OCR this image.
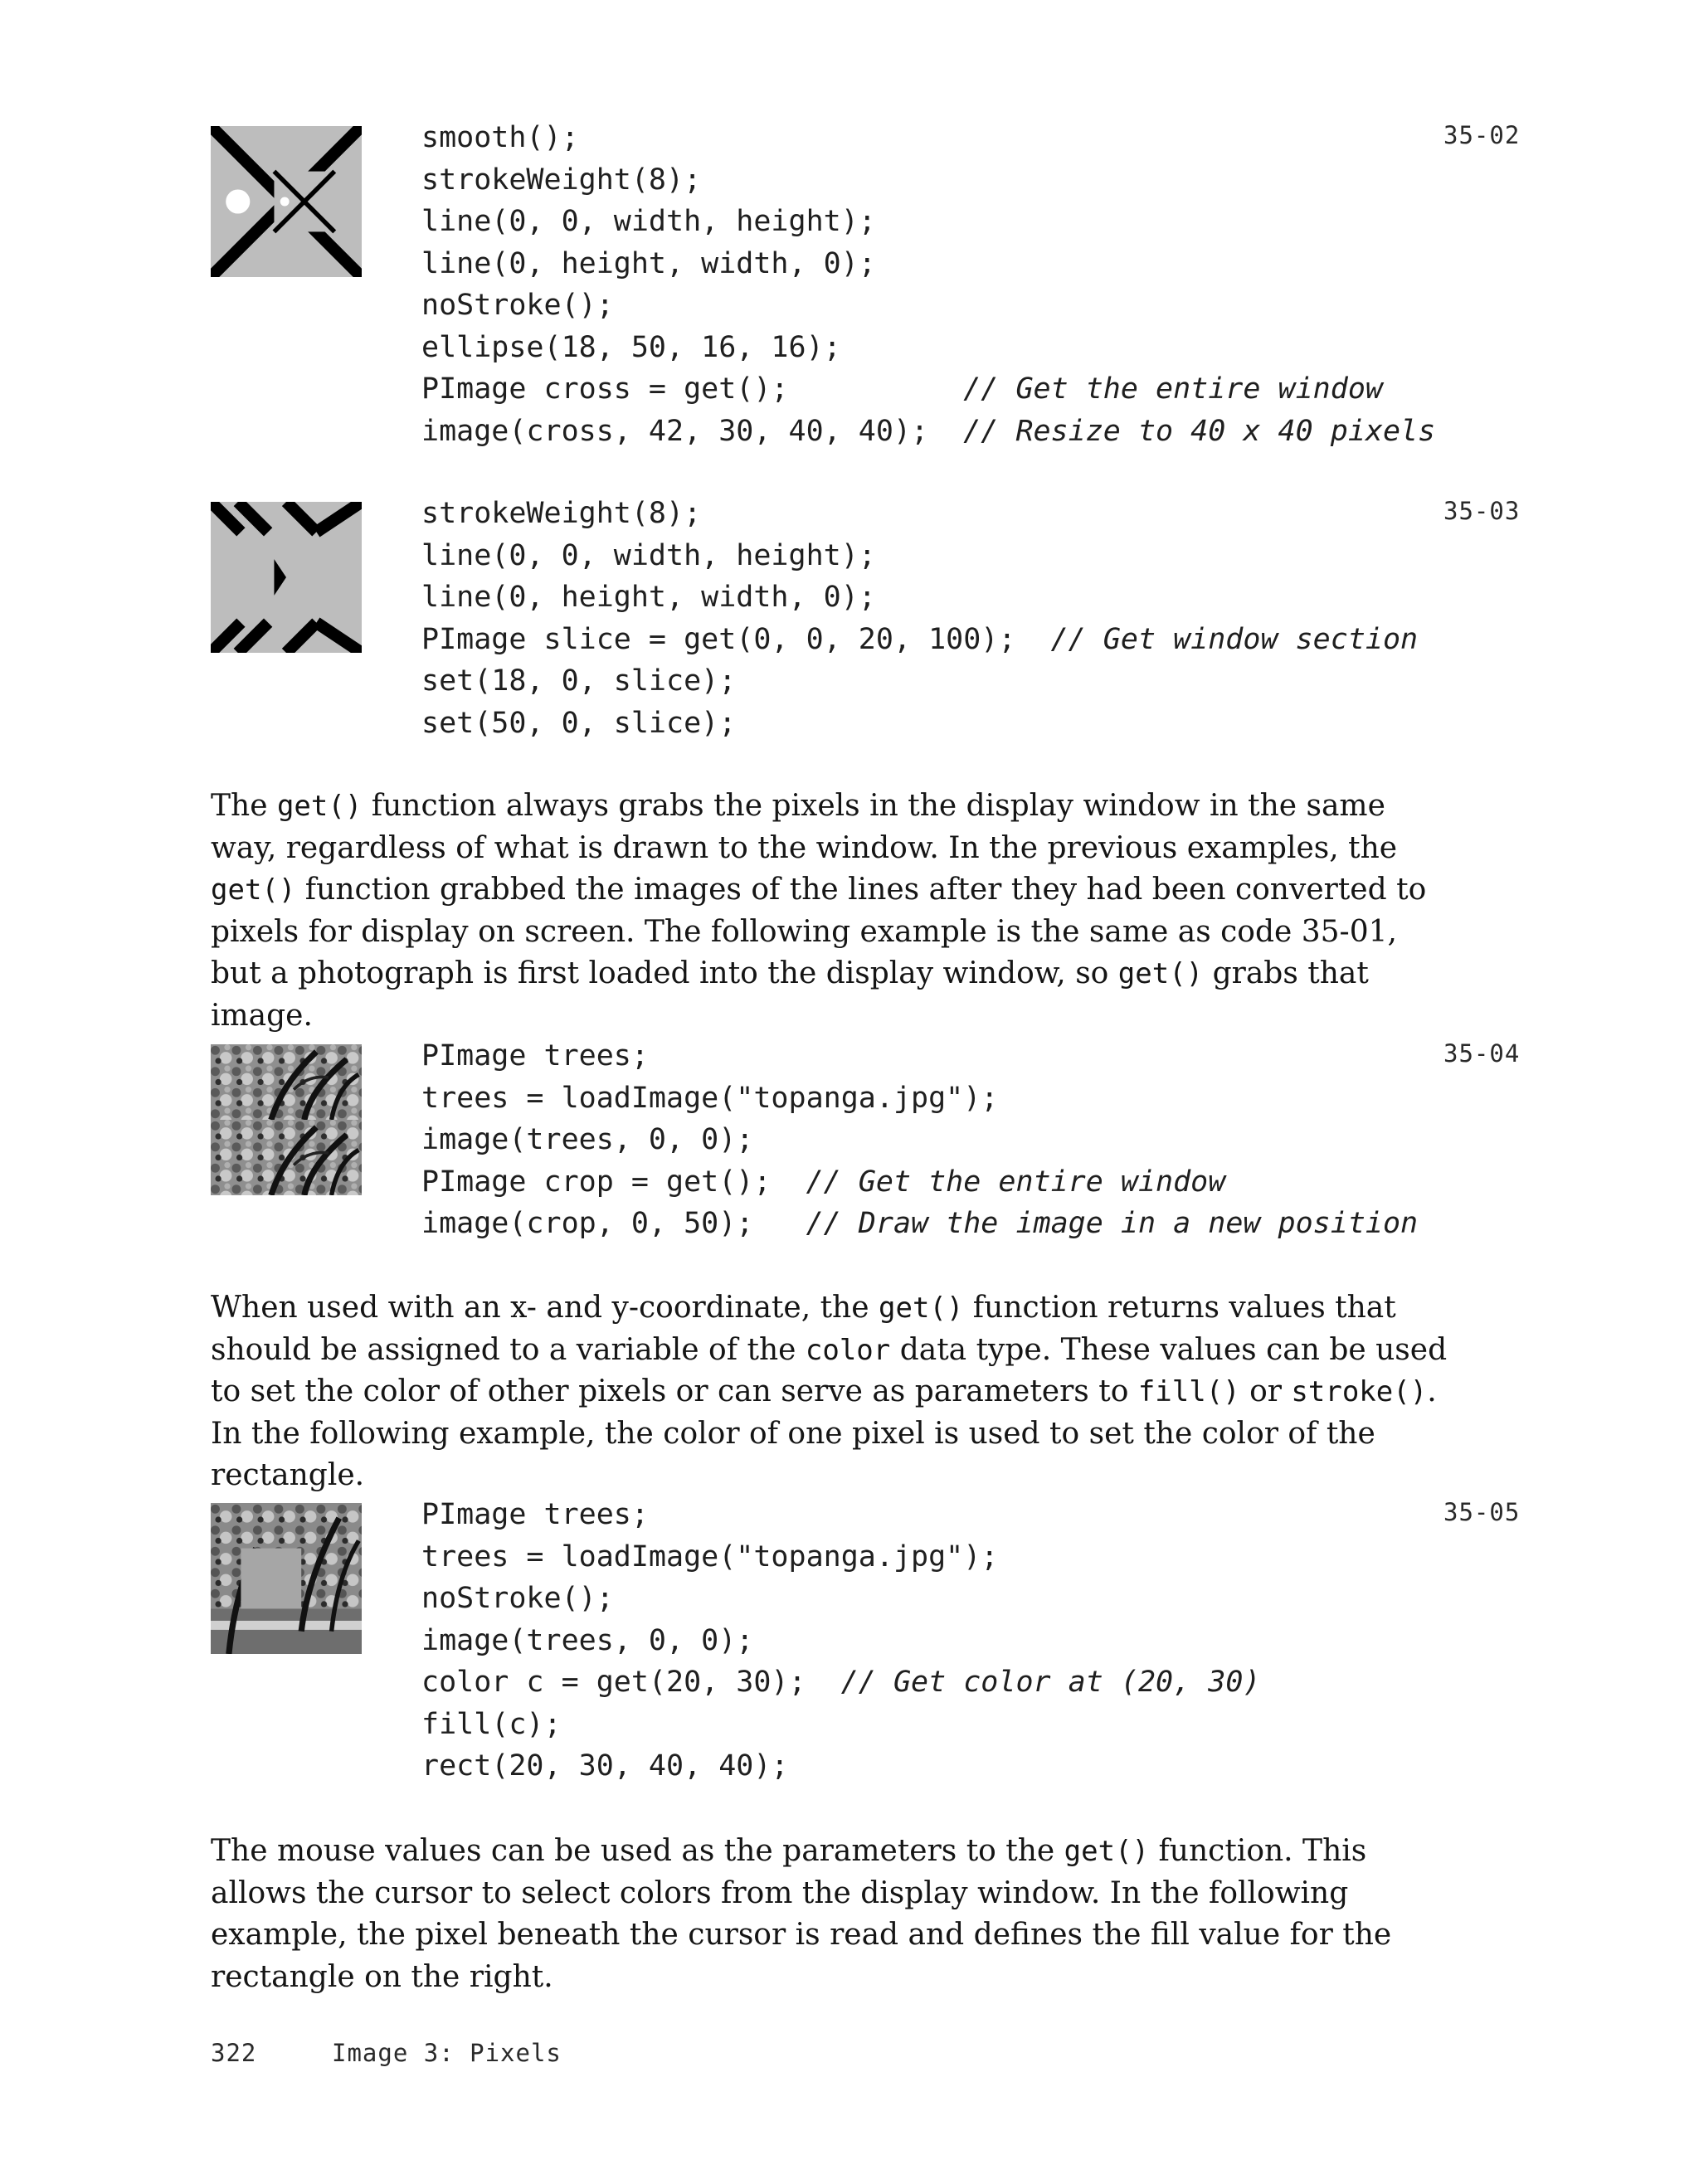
smooth();
strokeWeight(8);
line(0, 0, width, height);
line(0, height, width, 0);
noStroke();
ellipse(18, 50, 16, 16);
PImage cross = get();          // Get the entire window
image(cross, 42, 30, 40, 40);  // Resize to 40 x 40 pixels
35-02
strokeWeight(8);
line(0, 0, width, height);
line(0, height, width, 0);
PImage slice = get(0, 0, 20, 100);  // Get window section
set(18, 0, slice);
set(50, 0, slice);
35-03

The get() function always grabs the pixels in the display window in the same way, regardless of what is drawn to the window. In the previous examples, the get() function grabbed the images of the lines after they had been converted to pixels for display on screen. The following example is the same as code 35-01, but a photograph is first loaded into the display window, so get() grabs that image.

PImage trees;
trees = loadImage("topanga.jpg");
image(trees, 0, 0);
PImage crop = get();  // Get the entire window
image(crop, 0, 50);   // Draw the image in a new position
35-04

When used with an x- and y-coordinate, the get() function returns values that should be assigned to a variable of the color data type. These values can be used to set the color of other pixels or can serve as parameters to fill() or stroke(). In the following example, the color of one pixel is used to set the color of the rectangle.

PImage trees;
trees = loadImage("topanga.jpg");
noStroke();
image(trees, 0, 0);
color c = get(20, 30);  // Get color at (20, 30)
fill(c);
rect(20, 30, 40, 40);
35-05

The mouse values can be used as the parameters to the get() function. This allows the cursor to select colors from the display window. In the following example, the pixel beneath the cursor is read and defines the fill value for the rectangle on the right.

322	Image 3: Pixels
